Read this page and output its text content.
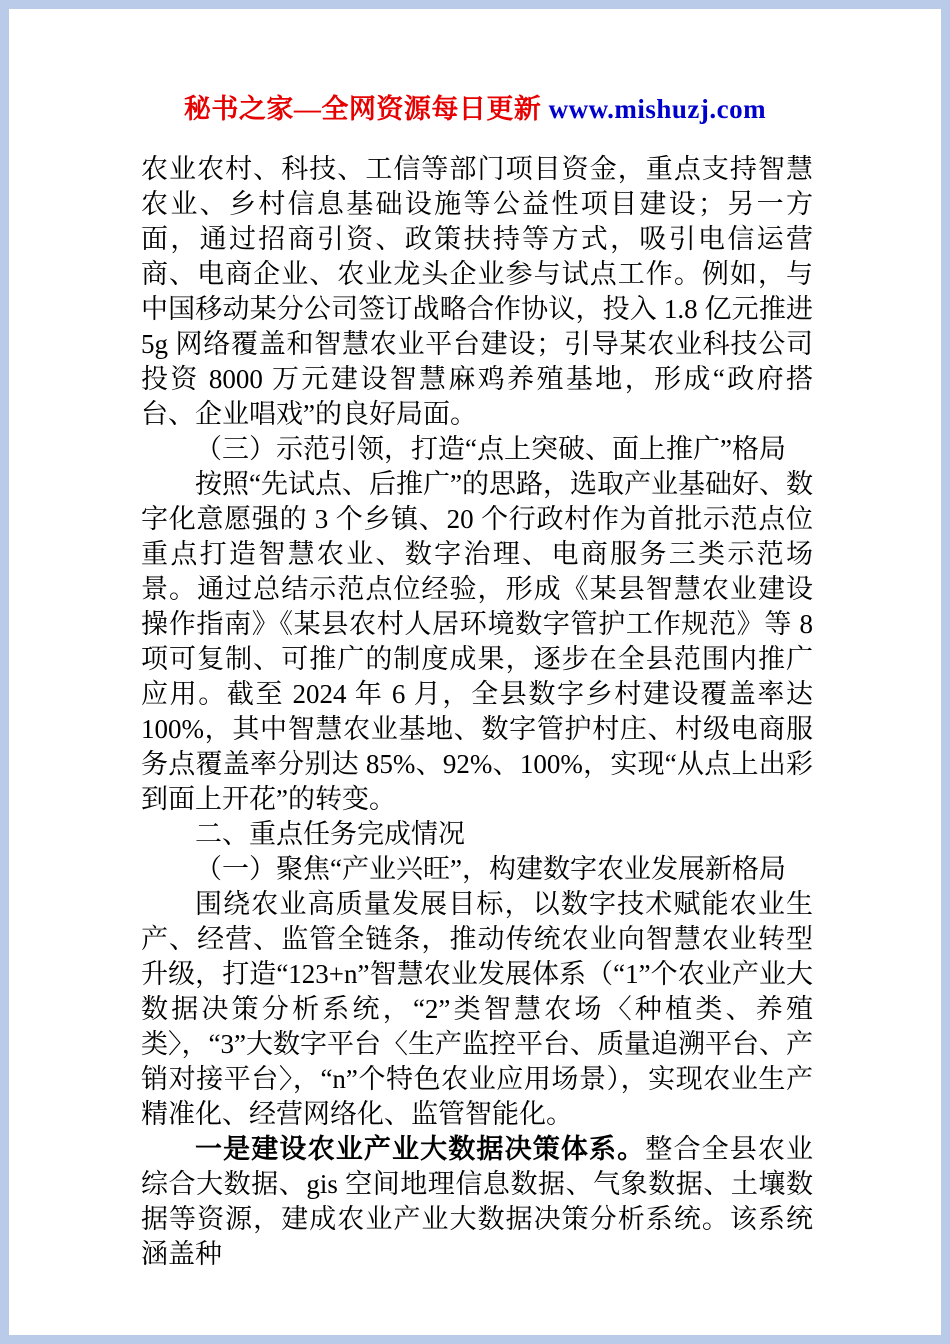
秘书之家—全网资源每日更新 www.mishuzj.com

农业农村、科技、工信等部门项目资金，重点支持智慧农业、乡村信息基础设施等公益性项目建设；另一方面，通过招商引资、政策扶持等方式，吸引电信运营商、电商企业、农业龙头企业参与试点工作。例如，与中国移动某分公司签订战略合作协议，投入 1.8 亿元推进 5g 网络覆盖和智慧农业平台建设；引导某农业科技公司投资 8000 万元建设智慧麻鸡养殖基地，形成“政府搭台、企业唱戏”的良好局面。

（三）示范引领，打造“点上突破、面上推广”格局

按照“先试点、后推广”的思路，选取产业基础好、数字化意愿强的 3 个乡镇、20 个行政村作为首批示范点位重点打造智慧农业、数字治理、电商服务三类示范场景。通过总结示范点位经验，形成《某县智慧农业建设操作指南》《某县农村人居环境数字管护工作规范》等 8 项可复制、可推广的制度成果，逐步在全县范围内推广应用。截至 2024 年 6 月，全县数字乡村建设覆盖率达 100%，其中智慧农业基地、数字管护村庄、村级电商服务点覆盖率分别达 85%、92%、100%，实现“从点上出彩到面上开花”的转变。

二、重点任务完成情况

（一）聚焦“产业兴旺”，构建数字农业发展新格局

围绕农业高质量发展目标，以数字技术赋能农业生产、经营、监管全链条，推动传统农业向智慧农业转型升级，打造“123+n”智慧农业发展体系（“1”个农业产业大数据决策分析系统，“2”类智慧农场〈种植类、养殖类〉，“3”大数字平台〈生产监控平台、质量追溯平台、产销对接平台〉，“n”个特色农业应用场景），实现农业生产精准化、经营网络化、监管智能化。

一是建设农业产业大数据决策体系。整合全县农业综合大数据、gis 空间地理信息数据、气象数据、土壤数据等资源，建成农业产业大数据决策分析系统。该系统涵盖种
